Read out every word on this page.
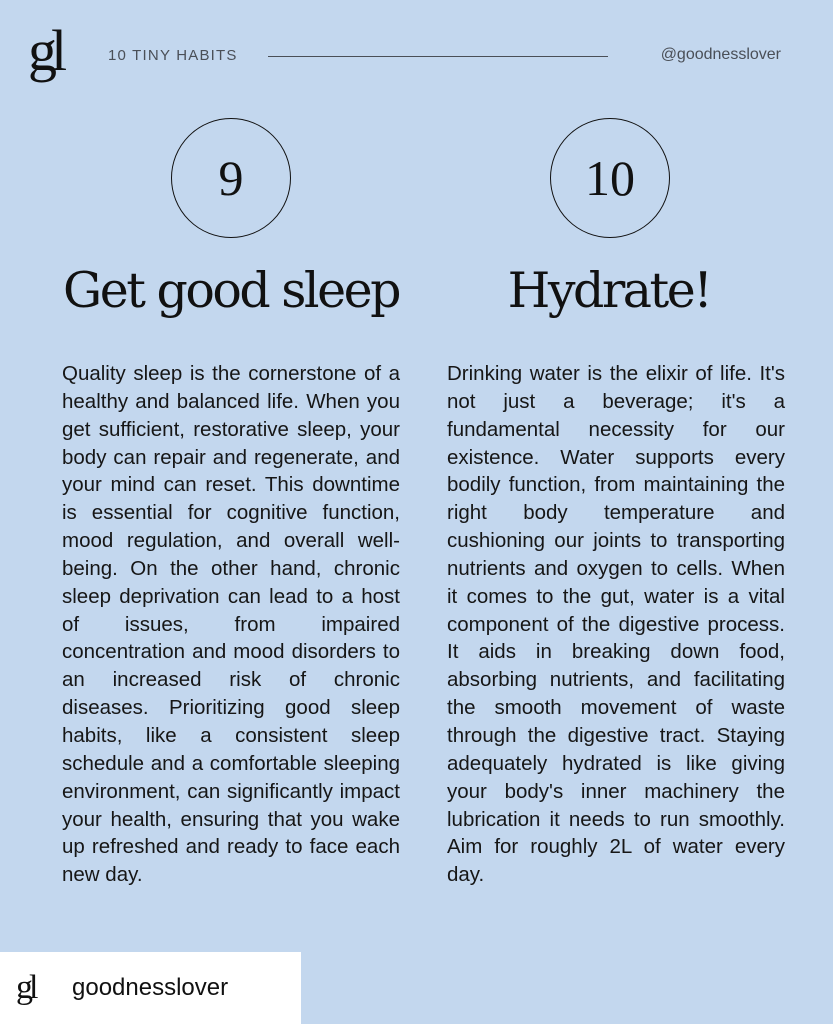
gl	10 TINY HABITS	@goodnesslover
9	10
Get good sleep	Hydrate!
Quality sleep is the cornerstone of a healthy and balanced life. When you get sufficient, restorative sleep, your body can repair and regenerate, and your mind can reset. This downtime is essential for cognitive function, mood regulation, and overall well-being. On the other hand, chronic sleep deprivation can lead to a host of issues, from impaired concentration and mood disorders to an increased risk of chronic diseases. Prioritizing good sleep habits, like a consistent sleep schedule and a comfortable sleeping environment, can significantly impact your health, ensuring that you wake up refreshed and ready to face each new day.
Drinking water is the elixir of life. It's not just a beverage; it's a fundamental necessity for our existence. Water supports every bodily function, from maintaining the right body temperature and cushioning our joints to transporting nutrients and oxygen to cells. When it comes to the gut, water is a vital component of the digestive process. It aids in breaking down food, absorbing nutrients, and facilitating the smooth movement of waste through the digestive tract. Staying adequately hydrated is like giving your body's inner machinery the lubrication it needs to run smoothly. Aim for roughly 2L of water every day.
gl	goodnesslover
